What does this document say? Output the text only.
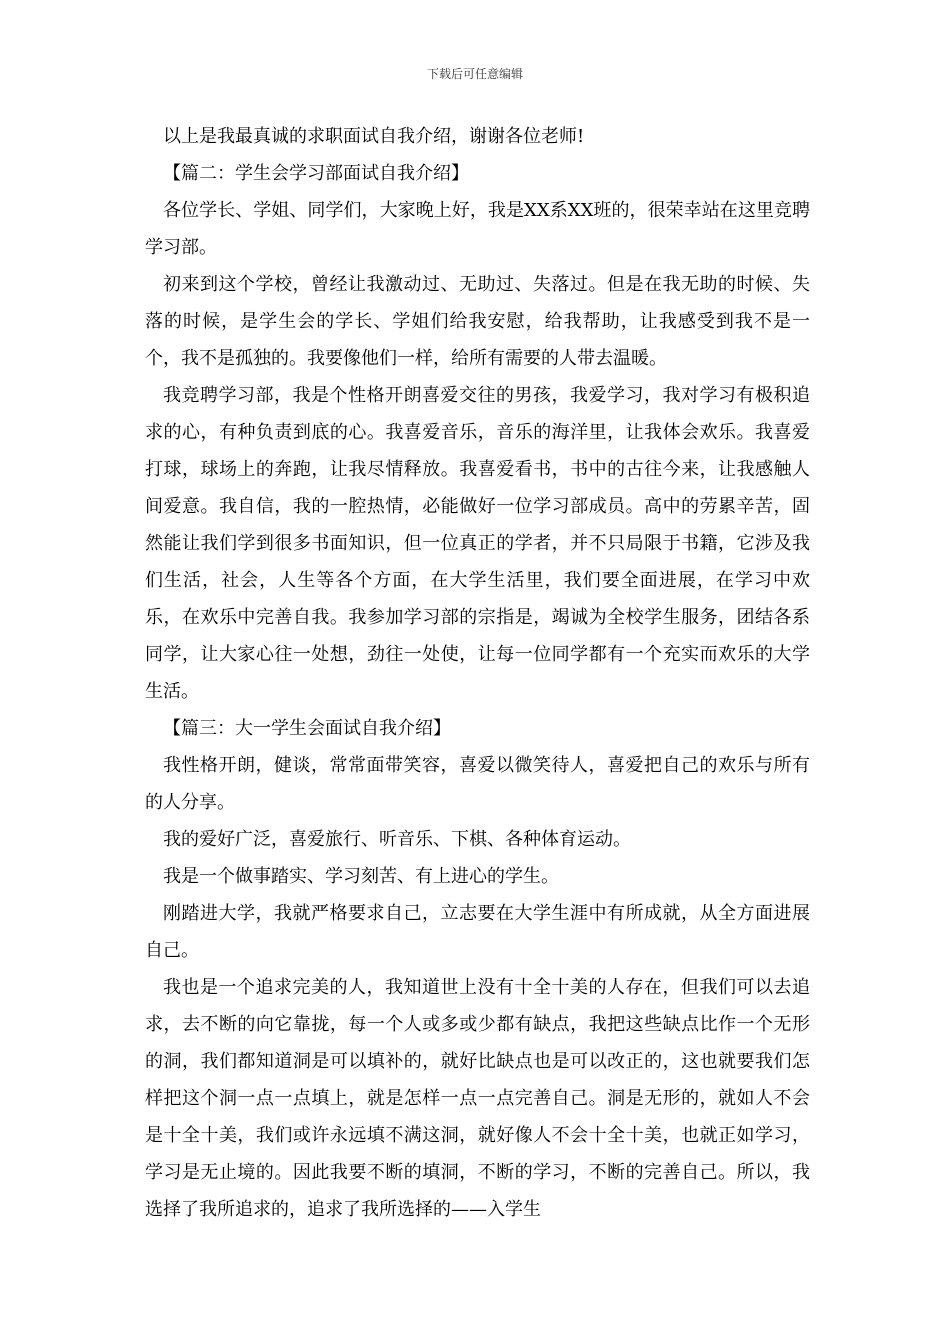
下载后可任意编辑

以上是我最真诚的求职面试自我介绍，谢谢各位老师!

【篇二：学生会学习部面试自我介绍】

各位学长、学姐、同学们，大家晚上好，我是XX系XX班的，很荣幸站在这里竞聘学习部。

初来到这个学校，曾经让我激动过、无助过、失落过。但是在我无助的时候、失落的时候，是学生会的学长、学姐们给我安慰，给我帮助，让我感受到我不是一个，我不是孤独的。我要像他们一样，给所有需要的人带去温暖。

我竞聘学习部，我是个性格开朗喜爱交往的男孩，我爱学习，我对学习有极积追求的心，有种负责到底的心。我喜爱音乐，音乐的海洋里，让我体会欢乐。我喜爱打球，球场上的奔跑，让我尽情释放。我喜爱看书，书中的古往今来，让我感触人间爱意。我自信，我的一腔热情，必能做好一位学习部成员。高中的劳累辛苦，固然能让我们学到很多书面知识，但一位真正的学者，并不只局限于书籍，它涉及我们生活，社会，人生等各个方面，在大学生活里，我们要全面进展，在学习中欢乐，在欢乐中完善自我。我参加学习部的宗指是，竭诚为全校学生服务，团结各系同学，让大家心往一处想，劲往一处使，让每一位同学都有一个充实而欢乐的大学生活。

【篇三：大一学生会面试自我介绍】

我性格开朗，健谈，常常面带笑容，喜爱以微笑待人，喜爱把自己的欢乐与所有的人分享。

我的爱好广泛，喜爱旅行、听音乐、下棋、各种体育运动。

我是一个做事踏实、学习刻苦、有上进心的学生。

刚踏进大学，我就严格要求自己，立志要在大学生涯中有所成就，从全方面进展自己。

我也是一个追求完美的人，我知道世上没有十全十美的人存在，但我们可以去追求，去不断的向它靠拢，每一个人或多或少都有缺点，我把这些缺点比作一个无形的洞，我们都知道洞是可以填补的，就好比缺点也是可以改正的，这也就要我们怎样把这个洞一点一点填上，就是怎样一点一点完善自己。洞是无形的，就如人不会是十全十美，我们或许永远填不满这洞，就好像人不会十全十美，也就正如学习，学习是无止境的。因此我要不断的填洞，不断的学习，不断的完善自己。所以，我选择了我所追求的，追求了我所选择的——入学生
